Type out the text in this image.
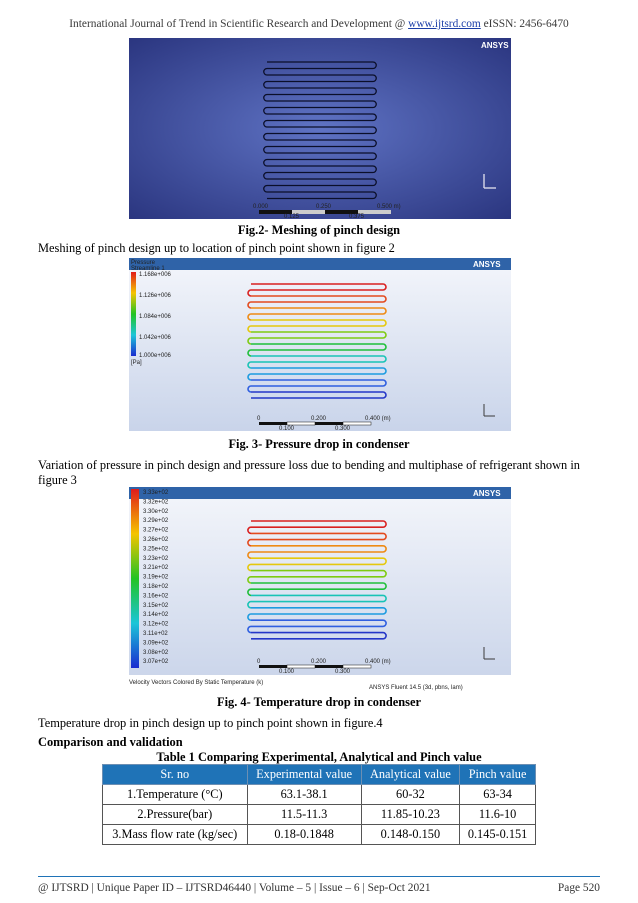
International Journal of Trend in Scientific Research and Development @ www.ijtsrd.com eISSN: 2456-6470
ANSYS
0.000	0.250	0.500 m)
0.125	0.375
Fig.2- Meshing of pinch design
Meshing of pinch design up to location of pinch point shown in figure 2
ANSYS
Pressure
Streamline 1
1.168e+006
1.126e+006
1.084e+006
1.042e+006
1.000e+006
[Pa]
0	0.200	0.400 (m)
0.100	0.300
Fig. 3- Pressure drop in condenser
Variation of pressure in pinch design and pressure loss due to bending and multiphase of refrigerant shown in figure 3
ANSYS
3.33e+02
3.32e+02
3.30e+02
3.29e+02
3.27e+02
3.26e+02
3.25e+02
3.23e+02
3.21e+02
3.19e+02
3.18e+02
3.16e+02
3.15e+02
3.14e+02
3.12e+02
3.11e+02
3.09e+02
3.08e+02
3.07e+02	0	0.200	0.400 (m)
0.100	0.300
Velocity Vectors Colored By Static Temperature (k)
ANSYS Fluent 14.5 (3d, pbns, lam)
Fig. 4- Temperature drop in condenser
Temperature drop in pinch design up to pinch point shown in figure.4
Comparison and validation
Table 1 Comparing Experimental, Analytical and Pinch value
Sr. no	Experimental value	Analytical value	Pinch value
1.Temperature (°C)	63.1-38.1	60-32	63-34
2.Pressure(bar)	11.5-11.3	11.85-10.23	11.6-10
3.Mass flow rate (kg/sec)	0.18-0.1848	0.148-0.150	0.145-0.151
@ IJTSRD | Unique Paper ID – IJTSRD46440 | Volume – 5 | Issue – 6 | Sep-Oct 2021	Page 520
